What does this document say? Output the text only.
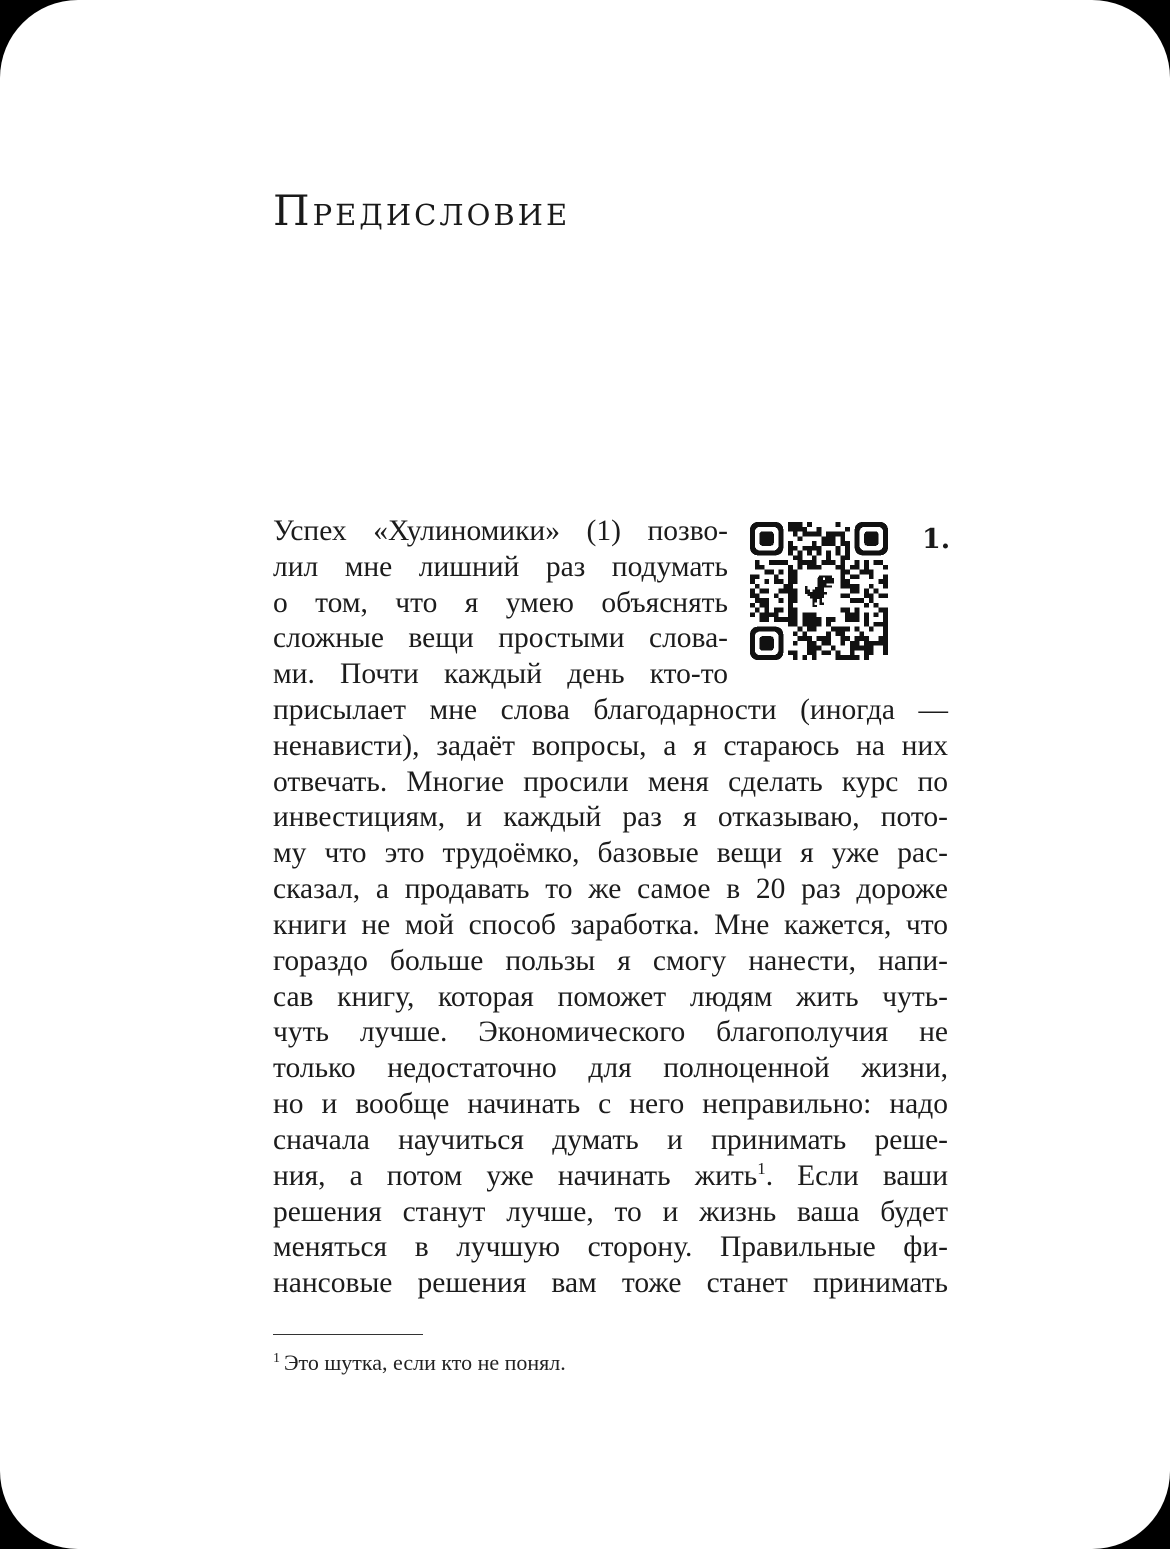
Предисловие

Успех «Хулиномики» (1) позво-

лил мне лишний раз подумать

о том, что я умею объяснять

сложные вещи простыми слова-

ми. Почти каждый день кто-то

присылает мне слова благодарности (иногда —

ненависти), задаёт вопросы, а я стараюсь на них

отвечать. Многие просили меня сделать курс по

инвестициям, и каждый раз я отказываю, пото-

му что это трудоёмко, базовые вещи я уже рас-

сказал, а продавать то же самое в 20 раз дороже

книги не мой способ заработка. Мне кажется, что

гораздо больше пользы я смогу нанести, напи-

сав книгу, которая поможет людям жить чуть-

чуть лучше. Экономического благополучия не

только недостаточно для полноценной жизни,

но и вообще начинать с него неправильно: надо

сначала научиться думать и принимать реше-

ния, а потом уже начинать жить$^1$. Если ваши

решения станут лучше, то и жизнь ваша будет

меняться в лучшую сторону. Правильные фи-

нансовые решения вам тоже станет принимать

1.

$^1$ Это шутка, если кто не понял.
